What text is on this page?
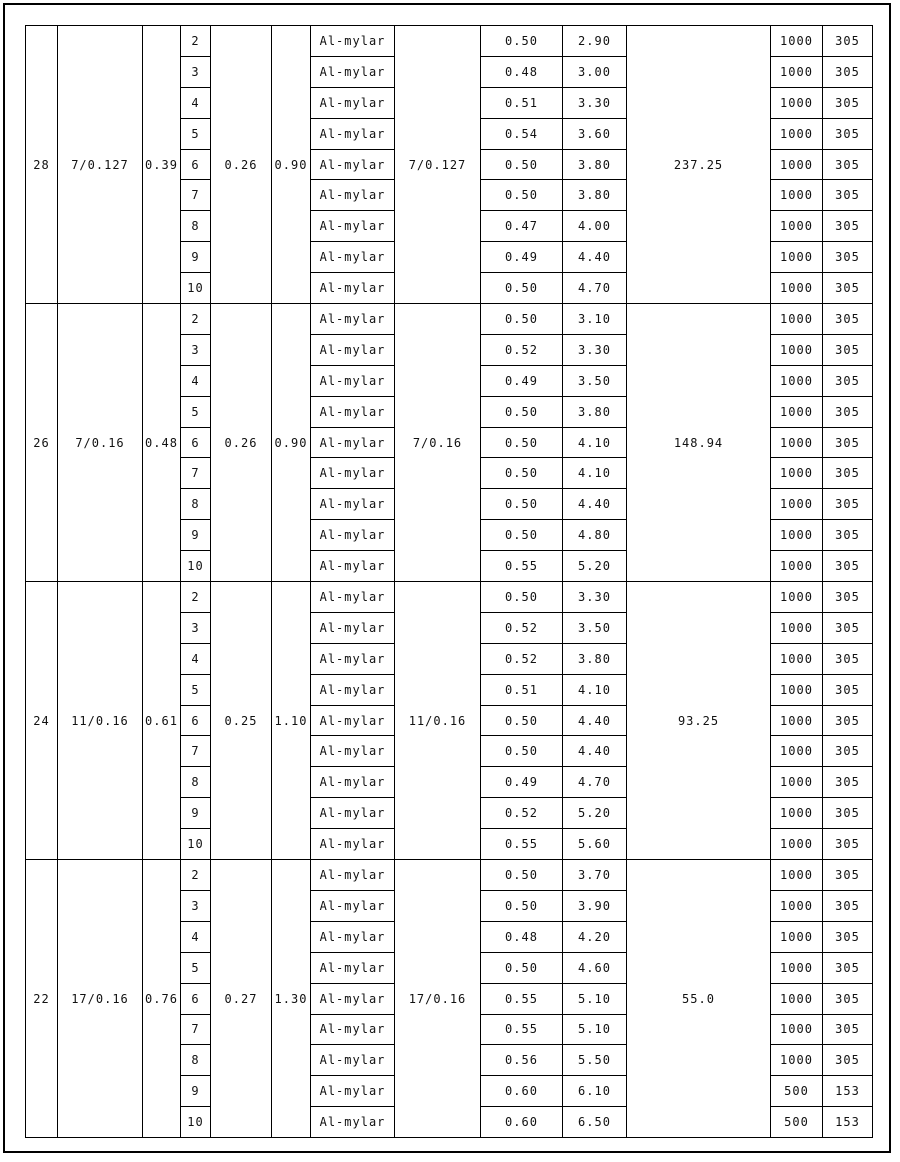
28	7/0.127	0.39	2	0.26	0.90	Al-mylar	7/0.127	0.50	2.90	237.25	1000	305
			3			Al-mylar		0.48	3.00		1000	305
			4			Al-mylar		0.51	3.30		1000	305
			5			Al-mylar		0.54	3.60		1000	305
			6			Al-mylar		0.50	3.80		1000	305
			7			Al-mylar		0.50	3.80		1000	305
			8			Al-mylar		0.47	4.00		1000	305
			9			Al-mylar		0.49	4.40		1000	305
			10			Al-mylar		0.50	4.70		1000	305
26	7/0.16	0.48	2	0.26	0.90	Al-mylar	7/0.16	0.50	3.10	148.94	1000	305
			3			Al-mylar		0.52	3.30		1000	305
			4			Al-mylar		0.49	3.50		1000	305
			5			Al-mylar		0.50	3.80		1000	305
			6			Al-mylar		0.50	4.10		1000	305
			7			Al-mylar		0.50	4.10		1000	305
			8			Al-mylar		0.50	4.40		1000	305
			9			Al-mylar		0.50	4.80		1000	305
			10			Al-mylar		0.55	5.20		1000	305
24	11/0.16	0.61	2	0.25	1.10	Al-mylar	11/0.16	0.50	3.30	93.25	1000	305
			3			Al-mylar		0.52	3.50		1000	305
			4			Al-mylar		0.52	3.80		1000	305
			5			Al-mylar		0.51	4.10		1000	305
			6			Al-mylar		0.50	4.40		1000	305
			7			Al-mylar		0.50	4.40		1000	305
			8			Al-mylar		0.49	4.70		1000	305
			9			Al-mylar		0.52	5.20		1000	305
			10			Al-mylar		0.55	5.60		1000	305
22	17/0.16	0.76	2	0.27	1.30	Al-mylar	17/0.16	0.50	3.70	55.0	1000	305
			3			Al-mylar		0.50	3.90		1000	305
			4			Al-mylar		0.48	4.20		1000	305
			5			Al-mylar		0.50	4.60		1000	305
			6			Al-mylar		0.55	5.10		1000	305
			7			Al-mylar		0.55	5.10		1000	305
			8			Al-mylar		0.56	5.50		1000	305
			9			Al-mylar		0.60	6.10		500	153
			10			Al-mylar		0.60	6.50		500	153
